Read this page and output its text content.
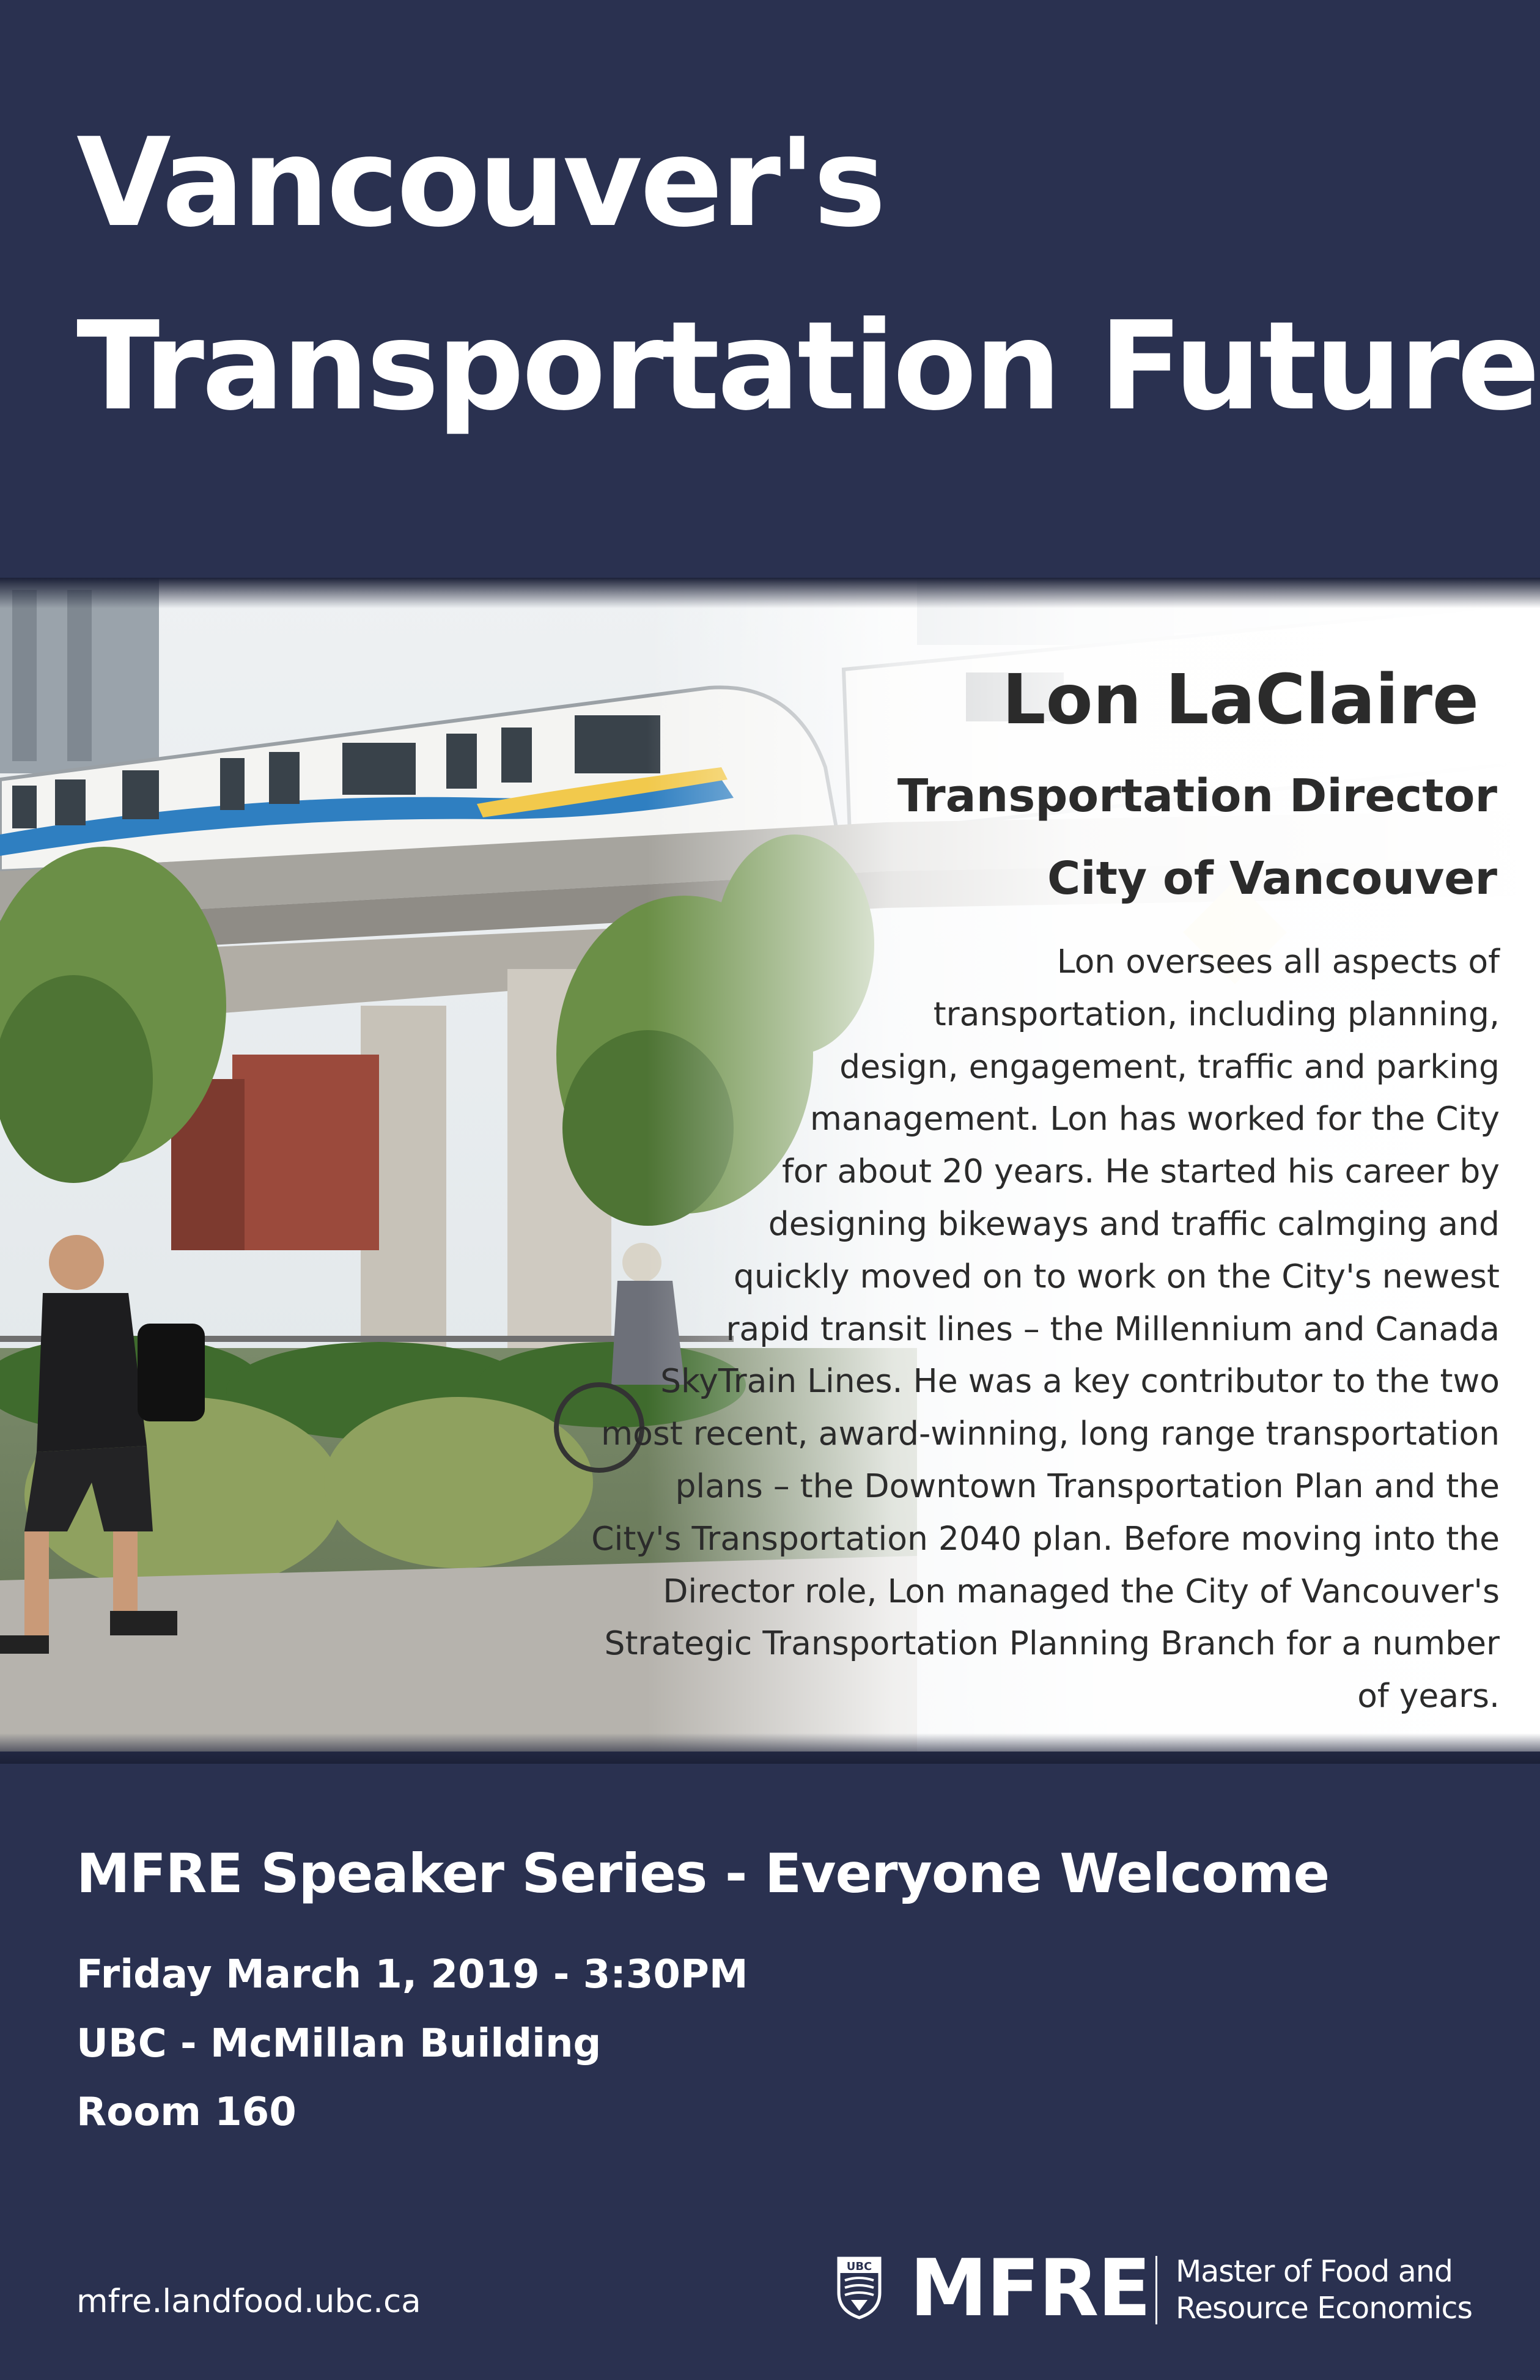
Vancouver's
Transportation Future
Lon LaClaire
Transportation Director
City of Vancouver
Lon oversees all aspects of
transportation, including planning,
design, engagement, traffic and parking
management. Lon has worked for the City
for about 20 years. He started his career by
designing bikeways and traffic calmging and
quickly moved on to work on the City's newest
rapid transit lines – the Millennium and Canada
SkyTrain Lines. He was a key contributor to the two
most recent, award-winning, long range transportation
plans – the Downtown Transportation Plan and the
City's Transportation 2040 plan. Before moving into the
Director role, Lon managed the City of Vancouver's
Strategic Transportation Planning Branch for a number
of years.
MFRE Speaker Series - Everyone Welcome
Friday March 1, 2019 - 3:30PM
UBC - McMillan Building
Room 160
mfre.landfood.ubc.ca
UBC MFRE Master of Food and
Resource Economics
